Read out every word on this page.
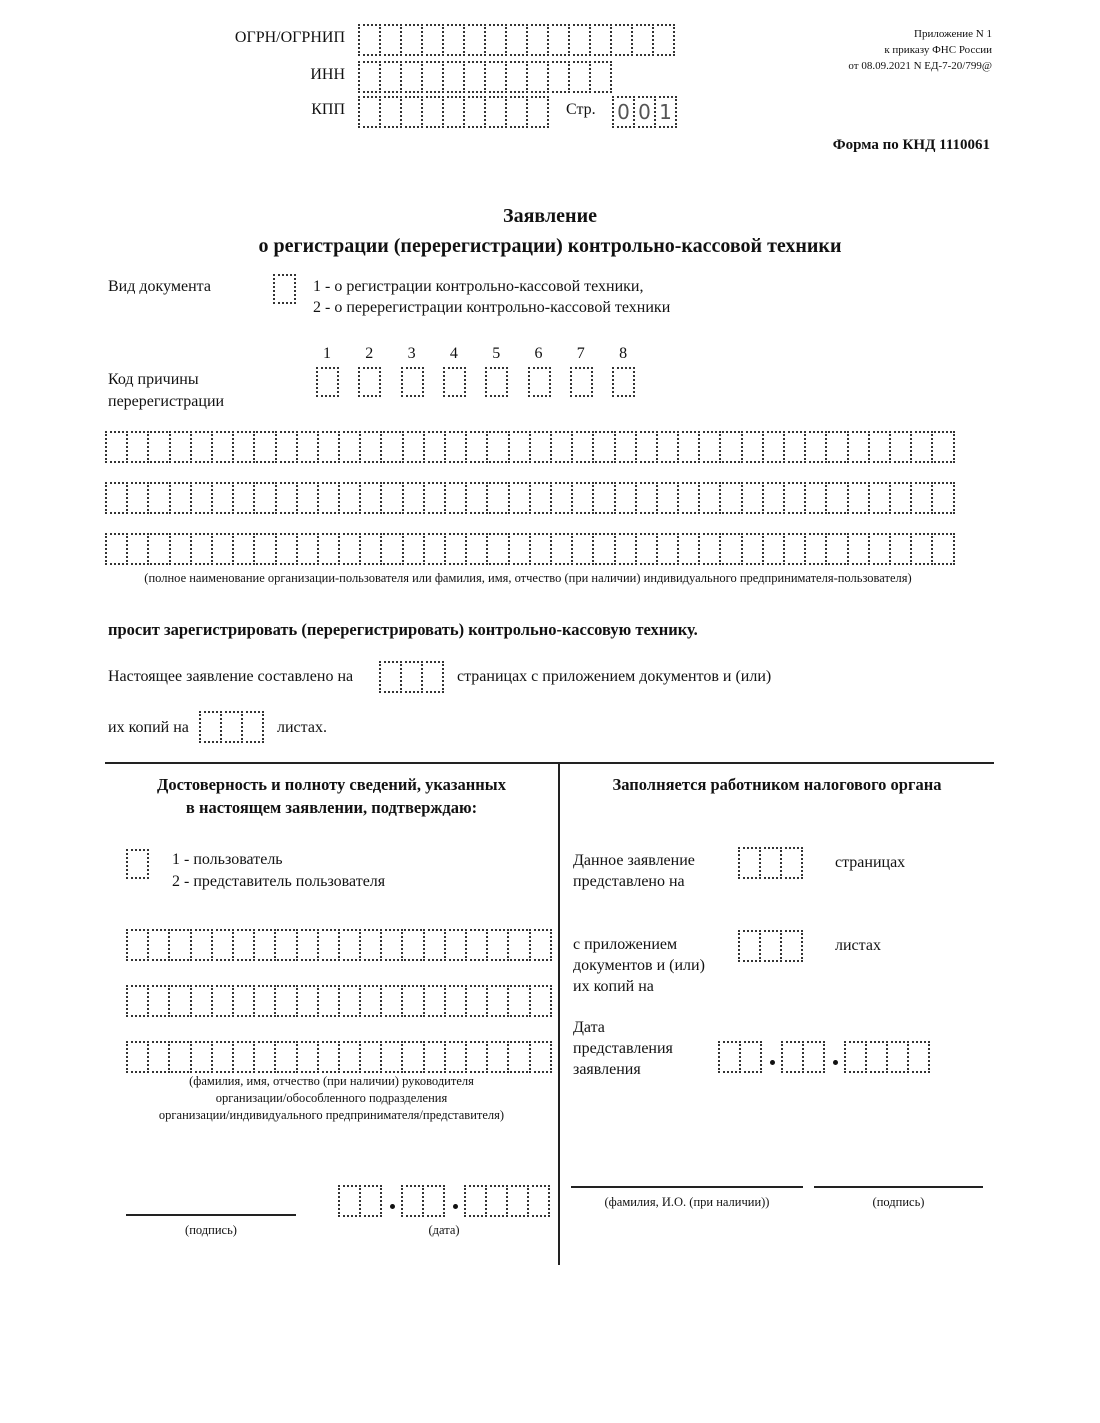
ОГРН/ОГРНИП
ИНН
КПП	Стр. 0 0 1
Приложение N 1
к приказу ФНС России
от 08.09.2021 N ЕД-7-20/799@
Форма по КНД 1110061
Заявление
о регистрации (перерегистрации) контрольно-кассовой техники
Вид документа	1 - о регистрации контрольно-кассовой техники,
2 - о перерегистрации контрольно-кассовой техники
Код причины
перерегистрации
1	2	3	4	5	6	7	8
(полное наименование организации-пользователя или фамилия, имя, отчество (при наличии) индивидуального предпринимателя-пользователя)
просит зарегистрировать (перерегистрировать) контрольно-кассовую технику.
Настоящее заявление составлено на	страницах с приложением документов и (или)
их копий на	листах.
Достоверность и полноту сведений, указанных
в настоящем заявлении, подтверждаю:
1 - пользователь
2 - представитель пользователя
(фамилия, имя, отчество (при наличии) руководителя
организации/обособленного подразделения
организации/индивидуального предпринимателя/представителя)
(подпись)	(дата)
Заполняется работником налогового органа
Данное заявление
представлено на
страницах
с приложением
документов и (или)
их копий на
листах
Дата
представления
заявления
(фамилия, И.О. (при наличии))	(подпись)
